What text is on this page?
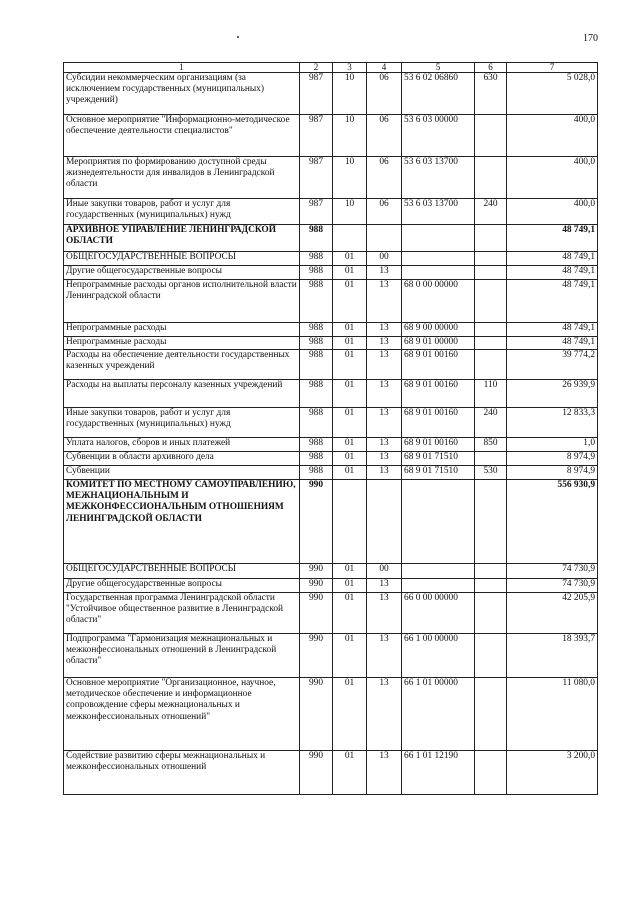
170
1	2	3	4	5	6	7
Субсидии некоммерческим организациям (за исключением государственных (муниципальных) учреждений)	987	10	06	53 6 02 06860	630	5 028,0
Основное мероприятие "Информационно-методическое обеспечение деятельности специалистов"	987	10	06	53 6 03 00000		400,0
Мероприятия по формированию доступной среды жизнедеятельности для инвалидов в Ленинградской области	987	10	06	53 6 03 13700		400,0
Иные закупки товаров, работ и услуг для государственных (муниципальных) нужд	987	10	06	53 6 03 13700	240	400,0
АРХИВНОЕ УПРАВЛЕНИЕ ЛЕНИНГРАДСКОЙ ОБЛАСТИ	988					48 749,1
ОБЩЕГОСУДАРСТВЕННЫЕ ВОПРОСЫ	988	01	00			48 749,1
Другие общегосударственные вопросы	988	01	13			48 749,1
Непрограммные расходы органов исполнительной власти Ленинградской области	988	01	13	68 0 00 00000		48 749,1
Непрограммные расходы	988	01	13	68 9 00 00000		48 749,1
Непрограммные расходы	988	01	13	68 9 01 00000		48 749,1
Расходы на обеспечение деятельности государственных казенных учреждений	988	01	13	68 9 01 00160		39 774,2
Расходы на выплаты персоналу казенных учреждений	988	01	13	68 9 01 00160	110	26 939,9
Иные закупки товаров, работ и услуг для государственных (муниципальных) нужд	988	01	13	68 9 01 00160	240	12 833,3
Уплата налогов, сборов и иных платежей	988	01	13	68 9 01 00160	850	1,0
Субвенции в области архивного дела	988	01	13	68 9 01 71510		8 974,9
Субвенции	988	01	13	68 9 01 71510	530	8 974,9
КОМИТЕТ ПО МЕСТНОМУ САМОУПРАВЛЕНИЮ, МЕЖНАЦИОНАЛЬНЫМ И МЕЖКОНФЕССИОНАЛЬНЫМ ОТНОШЕНИЯМ ЛЕНИНГРАДСКОЙ ОБЛАСТИ	990					556 930,9
ОБЩЕГОСУДАРСТВЕННЫЕ ВОПРОСЫ	990	01	00			74 730,9
Другие общегосударственные вопросы	990	01	13			74 730,9
Государственная программа Ленинградской области "Устойчивое общественное развитие в Ленинградской области"	990	01	13	66 0 00 00000		42 205,9
Подпрограмма "Гармонизация межнациональных и межконфессиональных отношений в Ленинградской области"	990	01	13	66 1 00 00000		18 393,7
Основное мероприятие "Организационное, научное, методическое обеспечение и информационное сопровождение сферы межнациональных и межконфессиональных отношений"	990	01	13	66 1 01 00000		11 080,0
Содействие развитию сферы межнациональных и межконфессиональных отношений	990	01	13	66 1 01 12190		3 200,0
